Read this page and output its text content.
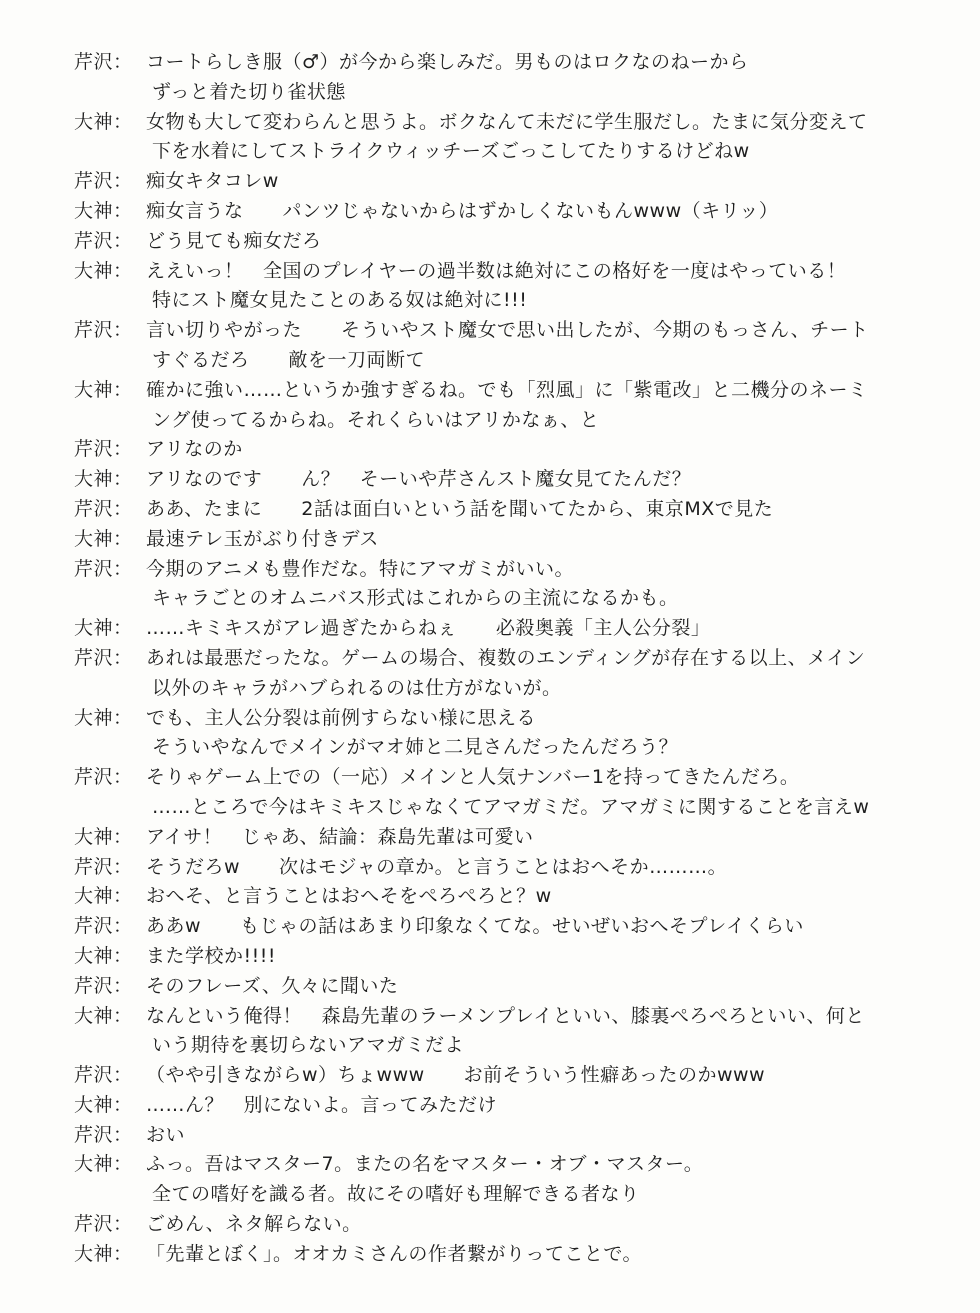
芹沢： コートらしき服（♂）が今から楽しみだ。男ものはロクなのねーから
ずっと着た切り雀状態
大神： 女物も大して変わらんと思うよ。ボクなんて未だに学生服だし。たまに気分変えて
下を水着にしてストライクウィッチーズごっこしてたりするけどねw
芹沢： 痴女キタコレw
大神： 痴女言うな　　パンツじゃないからはずかしくないもんwww（キリッ）
芹沢： どう見ても痴女だろ
大神： ええいっ！　全国のプレイヤーの過半数は絶対にこの格好を一度はやっている！
特にスト魔女見たことのある奴は絶対に!!!
芹沢： 言い切りやがった　　そういやスト魔女で思い出したが、今期のもっさん、チート
すぐるだろ　　敵を一刀両断て
大神： 確かに強い……というか強すぎるね。でも「烈風」に「紫電改」と二機分のネーミ
ング使ってるからね。それくらいはアリかなぁ、と
芹沢： アリなのか
大神： アリなのです　　ん？　そーいや芹さんスト魔女見てたんだ？
芹沢： ああ、たまに　　2話は面白いという話を聞いてたから、東京MXで見た
大神： 最速テレ玉がぶり付きデス
芹沢： 今期のアニメも豊作だな。特にアマガミがいい。
キャラごとのオムニバス形式はこれからの主流になるかも。
大神： ……キミキスがアレ過ぎたからねぇ　　必殺奥義「主人公分裂」
芹沢： あれは最悪だったな。ゲームの場合、複数のエンディングが存在する以上、メイン
以外のキャラがハブられるのは仕方がないが。
大神： でも、主人公分裂は前例すらない様に思える
そういやなんでメインがマオ姉と二見さんだったんだろう？
芹沢： そりゃゲーム上での（一応）メインと人気ナンバー1を持ってきたんだろ。
……ところで今はキミキスじゃなくてアマガミだ。アマガミに関することを言えw
大神： アイサ！　じゃあ、結論：森島先輩は可愛い
芹沢： そうだろw　　次はモジャの章か。と言うことはおへそか………。
大神： おへそ、と言うことはおへそをぺろぺろと？w
芹沢： ああw　　もじゃの話はあまり印象なくてな。せいぜいおへそプレイくらい
大神： また学校か!!!!
芹沢： そのフレーズ、久々に聞いた
大神： なんという俺得！　森島先輩のラーメンプレイといい、膝裏ぺろぺろといい、何と
いう期待を裏切らないアマガミだよ
芹沢： （やや引きながらw）ちょwww　　お前そういう性癖あったのかwww
大神： ……ん？　別にないよ。言ってみただけ
芹沢： おい
大神： ふっ。吾はマスター7。またの名をマスター・オブ・マスター。
全ての嗜好を識る者。故にその嗜好も理解できる者なり
芹沢： ごめん、ネタ解らない。
大神： 「先輩とぼく」。オオカミさんの作者繋がりってことで。
